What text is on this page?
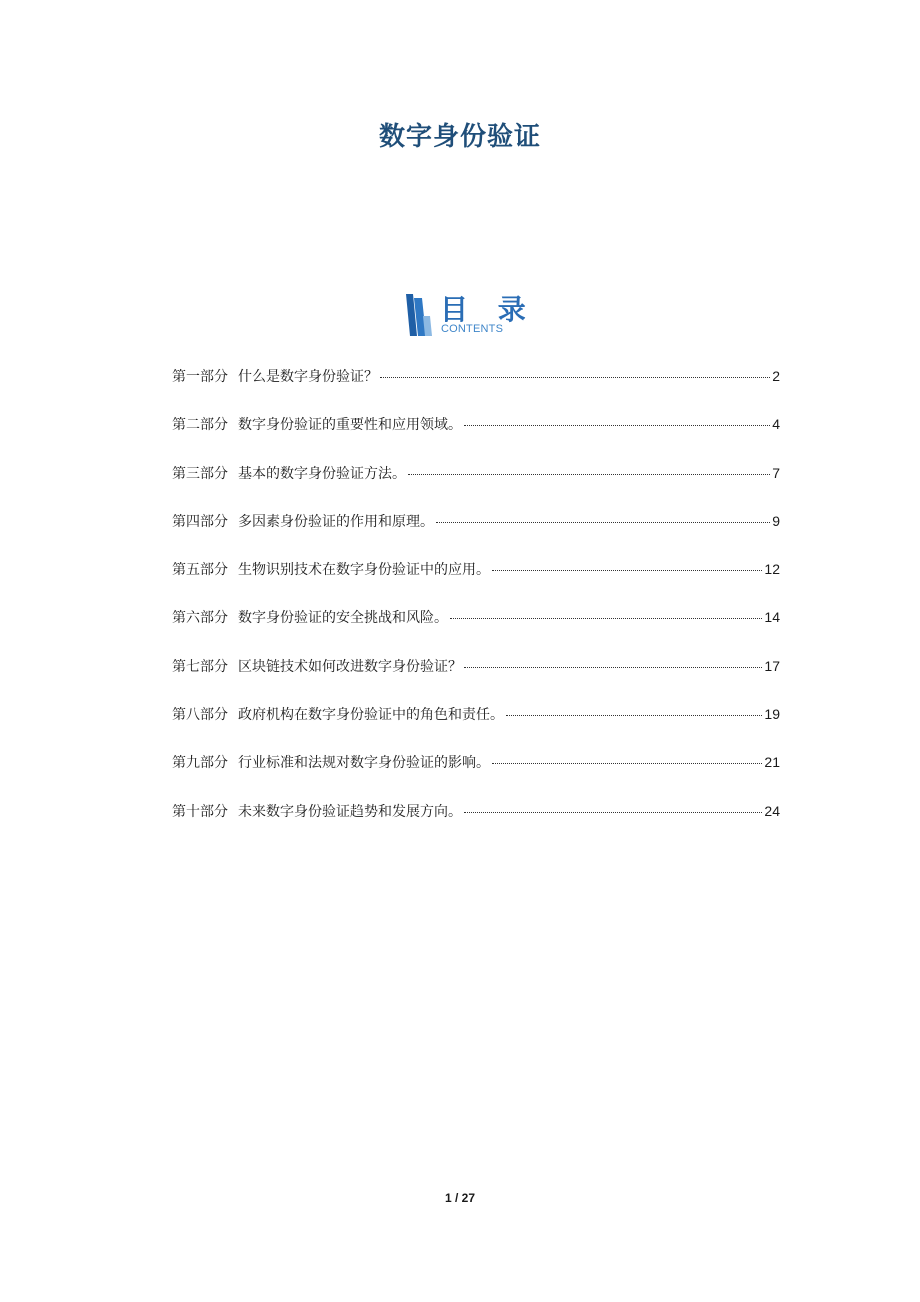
数字身份验证
目 录
CONTENTS
第一部分 什么是数字身份验证？	2
第二部分 数字身份验证的重要性和应用领域。	4
第三部分 基本的数字身份验证方法。	7
第四部分 多因素身份验证的作用和原理。	9
第五部分 生物识别技术在数字身份验证中的应用。	12
第六部分 数字身份验证的安全挑战和风险。	14
第七部分 区块链技术如何改进数字身份验证？	17
第八部分 政府机构在数字身份验证中的角色和责任。	19
第九部分 行业标准和法规对数字身份验证的影响。	21
第十部分 未来数字身份验证趋势和发展方向。	24
1 / 27
